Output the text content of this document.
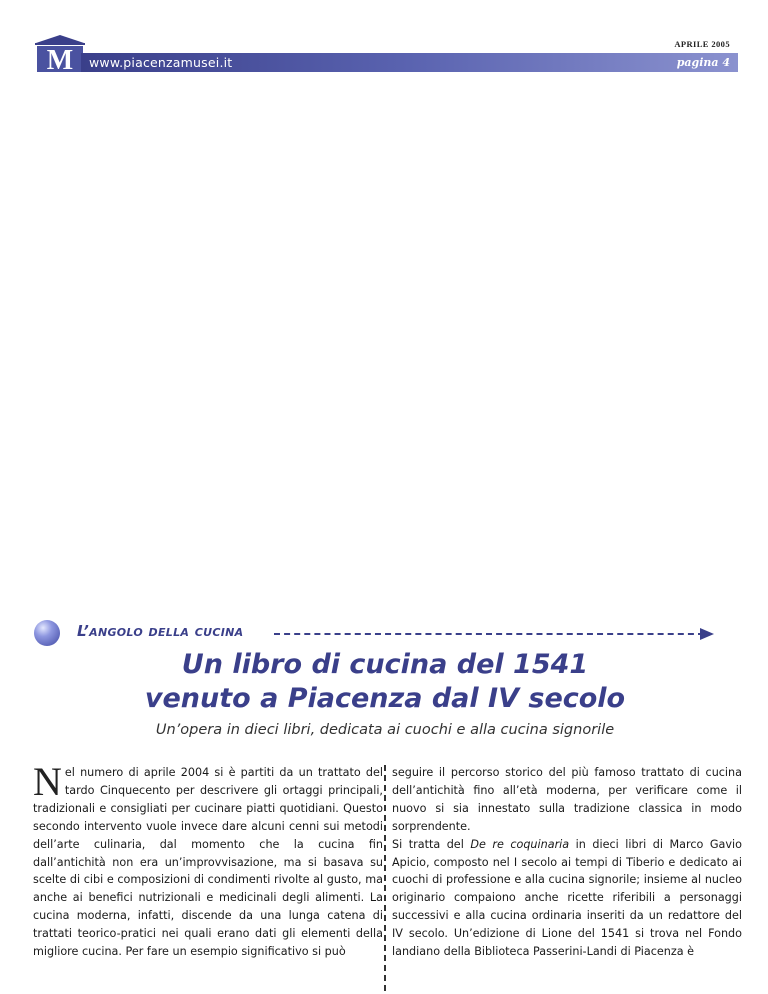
APRILE 2005
M www.piacenzamusei.it	pagina 4
L’angolo della cucina
Un libro di cucina del 1541
venuto a Piacenza dal IV secolo
Un’opera in dieci libri, dedicata ai cuochi e alla cucina signorile

Nel numero di aprile 2004 si è partiti da un trattato del tardo Cinquecento per descrivere gli ortaggi principali, tradizionali e consigliati per cucinare piatti quotidiani. Questo secondo intervento vuole invece dare alcuni cenni sui metodi dell’arte culinaria, dal momento che la cucina fin dall’antichità non era un’improvvisazione, ma si basava su scelte di cibi e composizioni di condimenti rivolte al gusto, ma anche ai benefici nutrizionali e medicinali degli alimenti. La cucina moderna, infatti, discende da una lunga catena di trattati teorico-pratici nei quali erano dati gli elementi della migliore cucina. Per fare un esempio significativo si può

seguire il percorso storico del più famoso trattato di cucina dell’antichità fino all’età moderna, per verificare come il nuovo si sia innestato sulla tradizione classica in modo sorprendente.

Si tratta del De re coquinaria in dieci libri di Marco Gavio Apicio, composto nel I secolo ai tempi di Tiberio e dedicato ai cuochi di professione e alla cucina signorile; insieme al nucleo originario compaiono anche ricette riferibili a personaggi successivi e alla cucina ordinaria inseriti da un redattore del IV secolo. Un’edizione di Lione del 1541 si trova nel Fondo landiano della Biblioteca Passerini-Landi di Piacenza è
